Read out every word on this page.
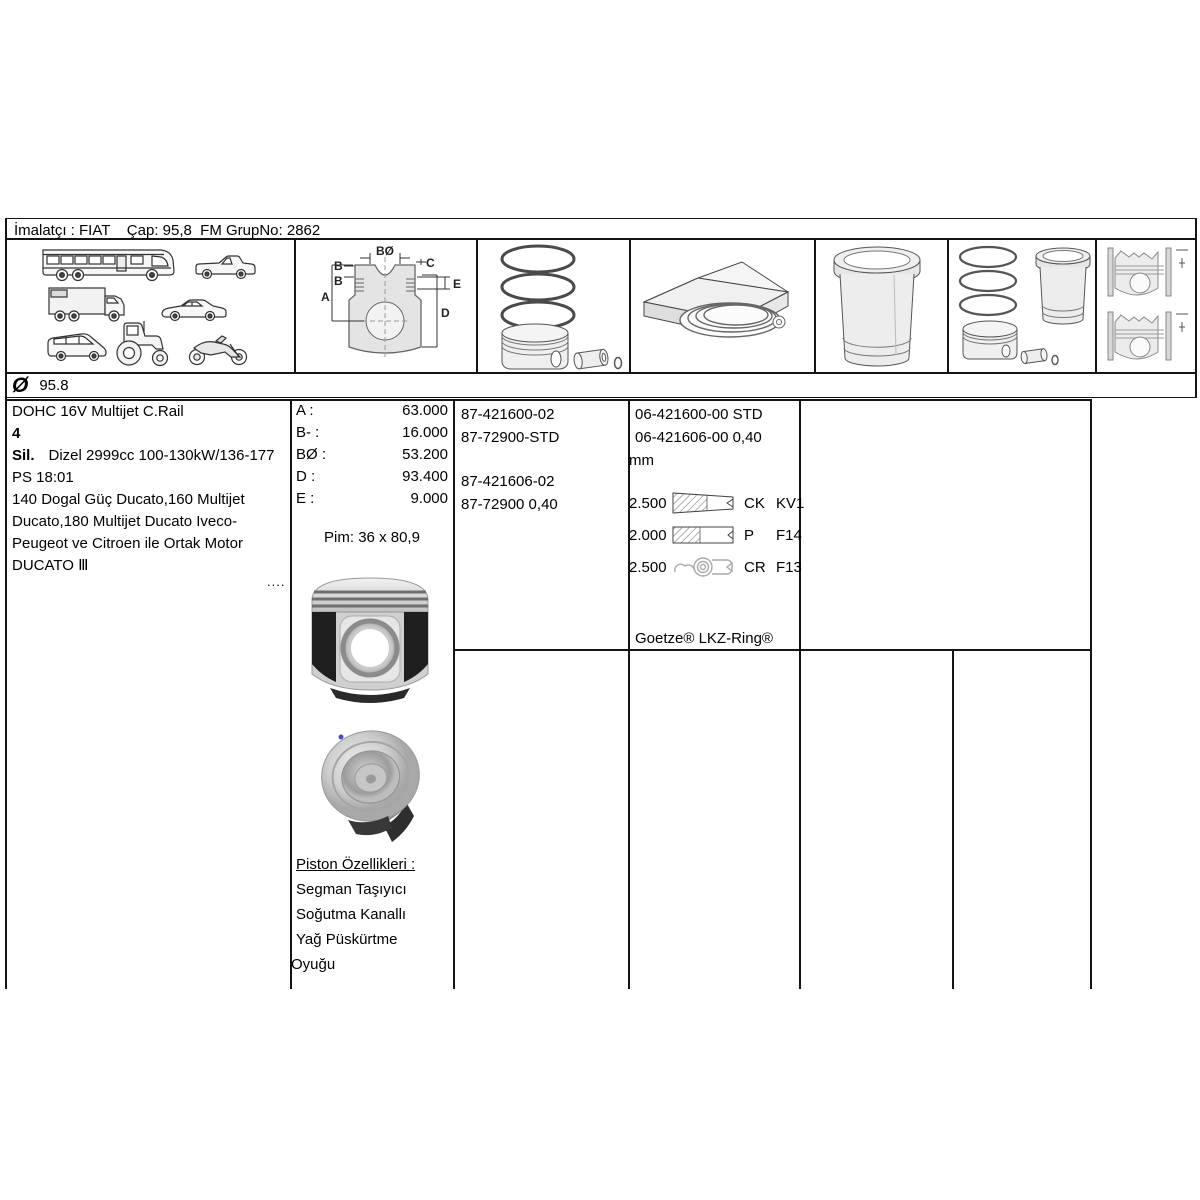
İmalatçı : FIAT    Çap: 95,8  FM GrupNo: 2862
BØ
B
B
A
C
E
D
Ø 95.8
DOHC 16V Multijet C.Rail
4
Sil. Dizel 2999cc 100-130kW/136-177 PS 18:01
140 Dogal Güç Ducato,160 Multijet Ducato,180 Multijet Ducato Iveco-Peugeot ve Citroen ile Ortak Motor DUCATO Ⅲ
....
A :	63.000
B- :	16.000
BØ :	53.200
D :	93.400
E :	9.000
Pim: 36 x 80,9
Piston Özellikleri :
Segman Taşıyıcı
Soğutma Kanallı
Yağ Püskürtme
Oyuğu
87-421600-02
87-72900-STD
87-421606-02
87-72900 0,40
06-421600-00 STD
06-421606-00 0,40
mm
2.500	CK KV1
2.000	P	F14
2.500	CR F13
Goetze® LKZ-Ring®
